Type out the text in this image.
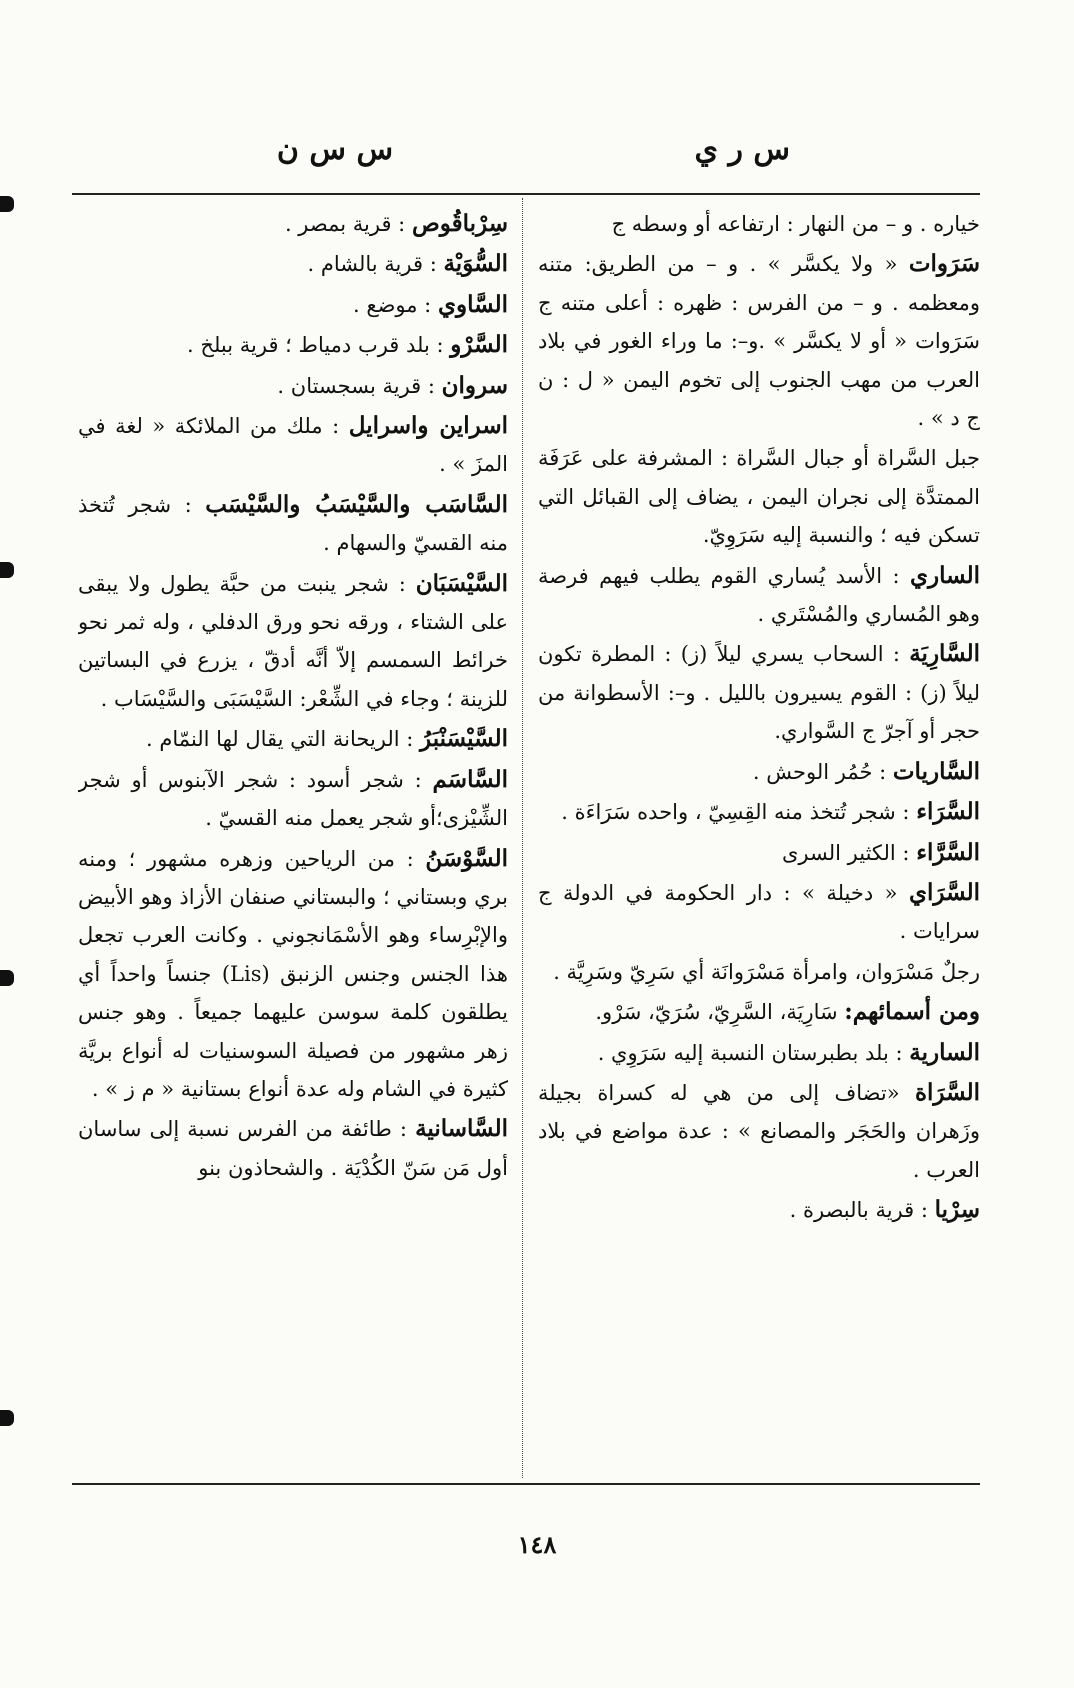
س ر ي
س س ن

خياره . و – من النهار : ارتفاعه أو وسطه ج

سَرَوات « ولا يكسَّر » . و – من الطريق: متنه ومعظمه . و – من الفرس : ظهره : أعلى متنه ج سَرَوات « أو لا يكسَّر » .و–: ما وراء الغور في بلاد العرب من مهب الجنوب إلى تخوم اليمن « ل : ن ج د » .

جبل السَّراة أو جبال السَّراة : المشرفة على عَرَفَة الممتدَّة إلى نجران اليمن ، يضاف إلى القبائل التي تسكن فيه ؛ والنسبة إليه سَرَوِيّ.

الساري : الأسد يُساري القوم يطلب فيهم فرصة وهو المُساري والمُسْتَري .

السَّارِيَة : السحاب يسري ليلاً (ز) : المطرة تكون ليلاً (ز) : القوم يسيرون بالليل . و–: الأسطوانة من حجر أو آجرّ ج السَّواري.

السَّاريات : حُمُر الوحش .

السَّرَاء : شجر تُتخذ منه القِسِيّ ، واحده سَرَاءَة .

السَّرَّاء : الكثير السرى

السَّرَاي « دخيلة » : دار الحكومة في الدولة ج سرايات .

رجلٌ مَسْرَوان، وامرأة مَسْرَوانَة أي سَرِيّ وسَرِيَّة .

ومن أسمائهم: سَارِيَة، السَّرِيّ، سُرَيّ، سَرْو.

السارية : بلد بطبرستان النسبة إليه سَرَوِي .

السَّرَاة «تضاف إلى من هي له كسراة بجيلة وزَهران والحَجَر والمصانع » : عدة مواضع في بلاد العرب .

سِرْيا : قرية بالبصرة .

سِرْباقُوص : قرية بمصر .

السُّوَيْة : قرية بالشام .

السَّاوي : موضع .

السَّرْو : بلد قرب دمياط ؛ قرية ببلخ .

سروان : قرية بسجستان .

اسراين واسرايل : ملك من الملائكة « لغة في المزَ » .

السَّاسَب والسَّيْسَبُ والسَّيْسَب : شجر تُتخذ منه القسيّ والسهام .

السَّيْسَبَان : شجر ينبت من حبَّة يطول ولا يبقى على الشتاء ، ورقه نحو ورق الدفلي ، وله ثمر نحو خرائط السمسم إلاّ أنَّه أدقّ ، يزرع في البساتين للزينة ؛ وجاء في الشِّعْر: السَّيْسَبَى والسَّيْسَاب .

السَّيْسَنْبَرُ : الريحانة التي يقال لها النمّام .

السَّاسَم : شجر أسود : شجر الآبنوس أو شجر الشِّيْزى؛أو شجر يعمل منه القسيّ .

السَّوْسَنُ : من الرياحين وزهره مشهور ؛ ومنه بري وبستاني ؛ والبستاني صنفان الأزاذ وهو الأبيض والإبْرِساء وهو الأسْمَانجوني . وكانت العرب تجعل هذا الجنس وجنس الزنبق (Lis) جنساً واحداً أي يطلقون كلمة سوسن عليهما جميعاً . وهو جنس زهر مشهور من فصيلة السوسنيات له أنواع بريَّة كثيرة في الشام وله عدة أنواع بستانية « م ز » .

السَّاسانية : طائفة من الفرس نسبة إلى ساسان أول مَن سَنّ الكُدْيَة . والشحاذون بنو

١٤٨
